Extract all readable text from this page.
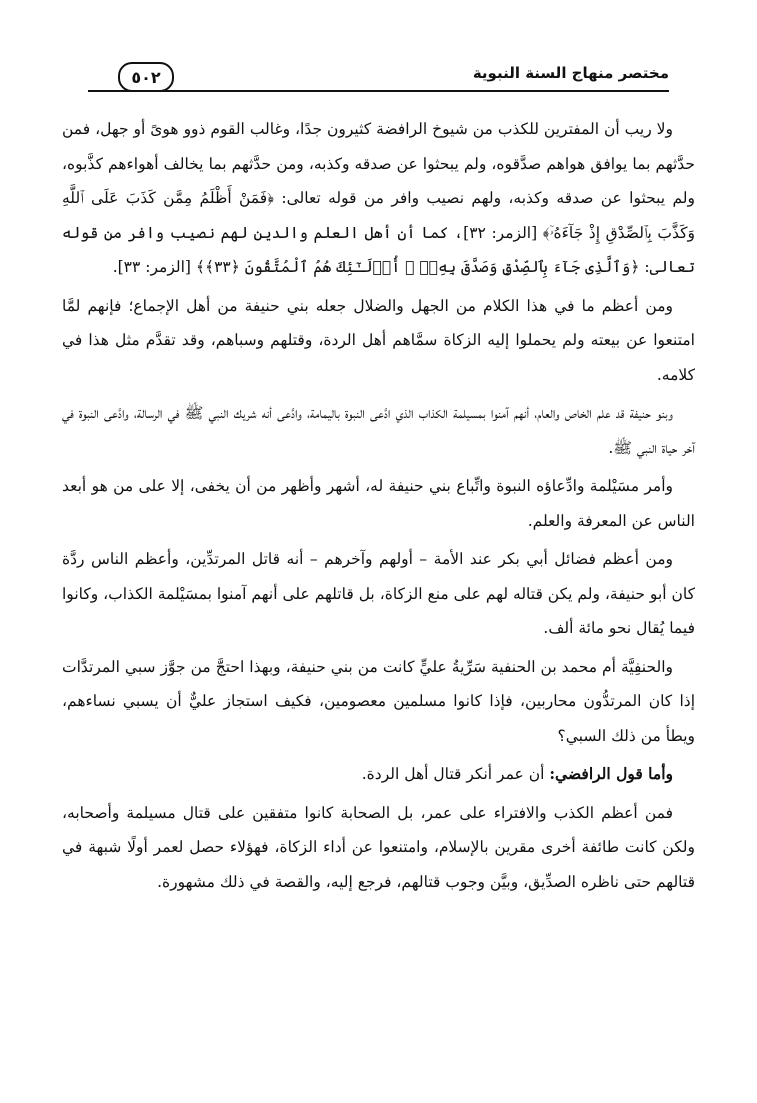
٥٠٢	مختصر منهاج السنة النبوية

ولا ريب أن المفترين للكذب من شيوخ الرافضة كثيرون جدًا، وغالب القوم ذوو هوىً أو جهل، فمن حدَّثهم بما يوافق هواهم صدَّقوه، ولم يبحثوا عن صدقه وكذبه، ومن حدَّثهم بما يخالف أهواءهم كذَّبوه، ولم يبحثوا عن صدقه وكذبه، ولهم نصيب وافر من قوله تعالى: ﴿فَمَنْ أَظْلَمُ مِمَّن كَذَبَ عَلَى ٱللَّهِ وَكَذَّبَ بِٱلصِّدْقِ إِذْ جَآءَهُۥٓ﴾ [الزمر: ٣٢]، كما أن أهل العلم والدين لهم نصيب وافر من قوله تعالى: ﴿وَٱلَّذِى جَآءَ بِٱلصِّدْقِ وَصَدَّقَ بِهِۦٓ ۙ أُو۟لَـٰٓئِكَ هُمُ ٱلْمُتَّقُونَ ﴿٣٣﴾﴾ [الزمر: ٣٣].

ومن أعظم ما في هذا الكلام من الجهل والضلال جعله بني حنيفة من أهل الإجماع؛ فإنهم لمَّا امتنعوا عن بيعته ولم يحملوا إليه الزكاة سمَّاهم أهل الردة، وقتلهم وسباهم، وقد تقدَّم مثل هذا في كلامه.

وبنو حنيفة قد علم الخاص والعام، أنهم آمنوا بمسيلمة الكذاب الذي ادَّعى النبوة باليمامة، وادَّعى أنه شريك النبي ﷺ في الرسالة، وادَّعى النبوة في آخر حياة النبي ﷺ.

وأمر مسَيْلمة وادِّعاؤه النبوة واتِّباع بني حنيفة له، أشهر وأظهر من أن يخفى، إلا على من هو أبعد الناس عن المعرفة والعلم.

ومن أعظم فضائل أبي بكر عند الأمة – أولهم وآخرهم – أنه قاتل المرتدِّين، وأعظم الناس ردَّة كان أبو حنيفة، ولم يكن قتاله لهم على منع الزكاة، بل قاتلهم على أنهم آمنوا بمسَيْلمة الكذاب، وكانوا فيما يُقال نحو مائة ألف.

والحنفِيَّة أم محمد بن الحنفية سَرِّيةُ عليٍّ كانت من بني حنيفة، وبهذا احتجَّ من جوَّز سبي المرتدَّات إذا كان المرتدُّون محاربين، فإذا كانوا مسلمين معصومين، فكيف استجاز عليٌّ أن يسبي نساءهم، ويطأ من ذلك السبي؟

وأما قول الرافضي: أن عمر أنكر قتال أهل الردة.

فمن أعظم الكذب والافتراء على عمر، بل الصحابة كانوا متفقين على قتال مسيلمة وأصحابه، ولكن كانت طائفة أخرى مقرين بالإسلام، وامتنعوا عن أداء الزكاة، فهؤلاء حصل لعمر أولًا شبهة في قتالهم حتى ناظره الصدِّيق، وبيَّن وجوب قتالهم، فرجع إليه، والقصة في ذلك مشهورة.
